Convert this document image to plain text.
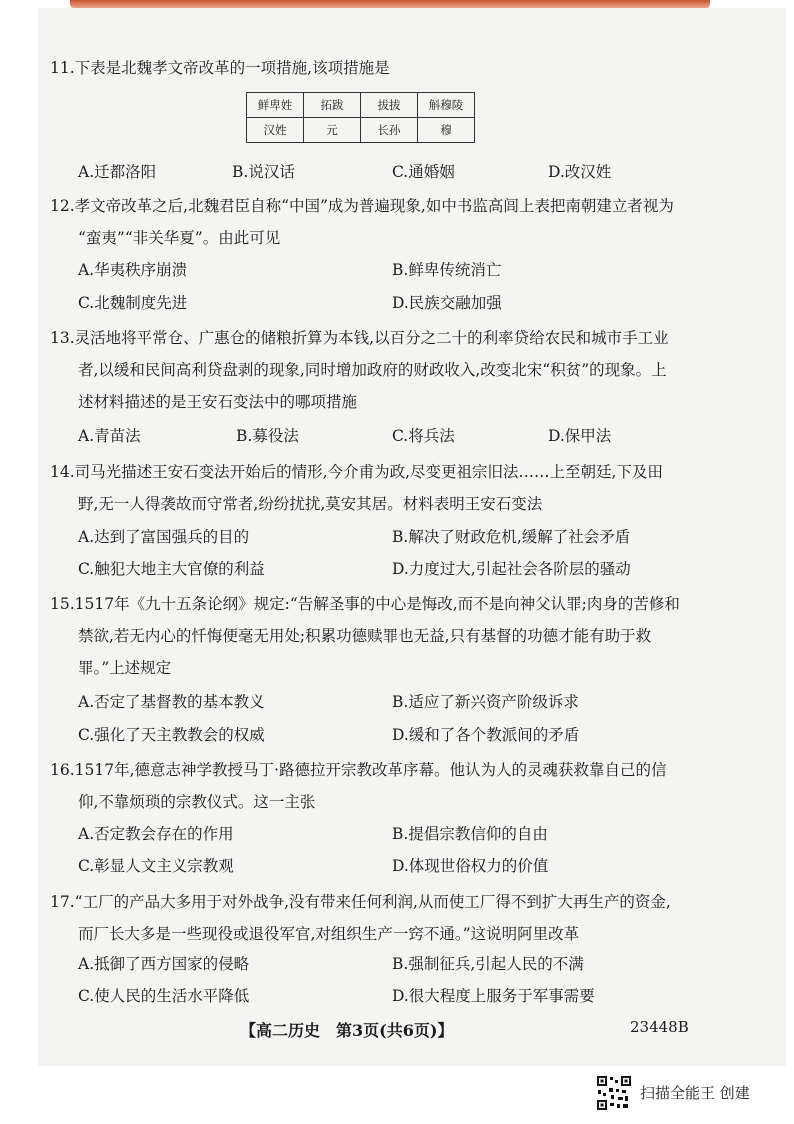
11.下表是北魏孝文帝改革的一项措施,该项措施是
鲜卑姓	拓跋	拔拔	斛穆陵
汉姓	元	长孙	穆
A.迁都洛阳	B.说汉话	C.通婚姻	D.改汉姓
12.孝文帝改革之后,北魏君臣自称“中国”成为普遍现象,如中书监高闾上表把南朝建立者视为
“蛮夷”“非关华夏”。由此可见
A.华夷秩序崩溃	B.鲜卑传统消亡
C.北魏制度先进	D.民族交融加强
13.灵活地将平常仓、广惠仓的储粮折算为本钱,以百分之二十的利率贷给农民和城市手工业
者,以缓和民间高利贷盘剥的现象,同时增加政府的财政收入,改变北宋“积贫”的现象。上
述材料描述的是王安石变法中的哪项措施
A.青苗法	B.募役法	C.将兵法	D.保甲法
14.司马光描述王安石变法开始后的情形,今介甫为政,尽变更祖宗旧法……上至朝廷,下及田
野,无一人得袭故而守常者,纷纷扰扰,莫安其居。材料表明王安石变法
A.达到了富国强兵的目的	B.解决了财政危机,缓解了社会矛盾
C.触犯大地主大官僚的利益	D.力度过大,引起社会各阶层的骚动
15.1517年《九十五条论纲》规定:“告解圣事的中心是悔改,而不是向神父认罪;肉身的苦修和
禁欲,若无内心的忏悔便毫无用处;积累功德赎罪也无益,只有基督的功德才能有助于救
罪。”上述规定
A.否定了基督教的基本教义	B.适应了新兴资产阶级诉求
C.强化了天主教教会的权威	D.缓和了各个教派间的矛盾
16.1517年,德意志神学教授马丁·路德拉开宗教改革序幕。他认为人的灵魂获救靠自己的信
仰,不靠烦琐的宗教仪式。这一主张
A.否定教会存在的作用	B.提倡宗教信仰的自由
C.彰显人文主义宗教观	D.体现世俗权力的价值
17.“工厂的产品大多用于对外战争,没有带来任何利润,从而使工厂得不到扩大再生产的资金,
而厂长大多是一些现役或退役军官,对组织生产一窍不通。”这说明阿里改革
A.抵御了西方国家的侵略	B.强制征兵,引起人民的不满
C.使人民的生活水平降低	D.很大程度上服务于军事需要
【高二历史　第3页(共6页)】	23448B
扫描全能王 创建
